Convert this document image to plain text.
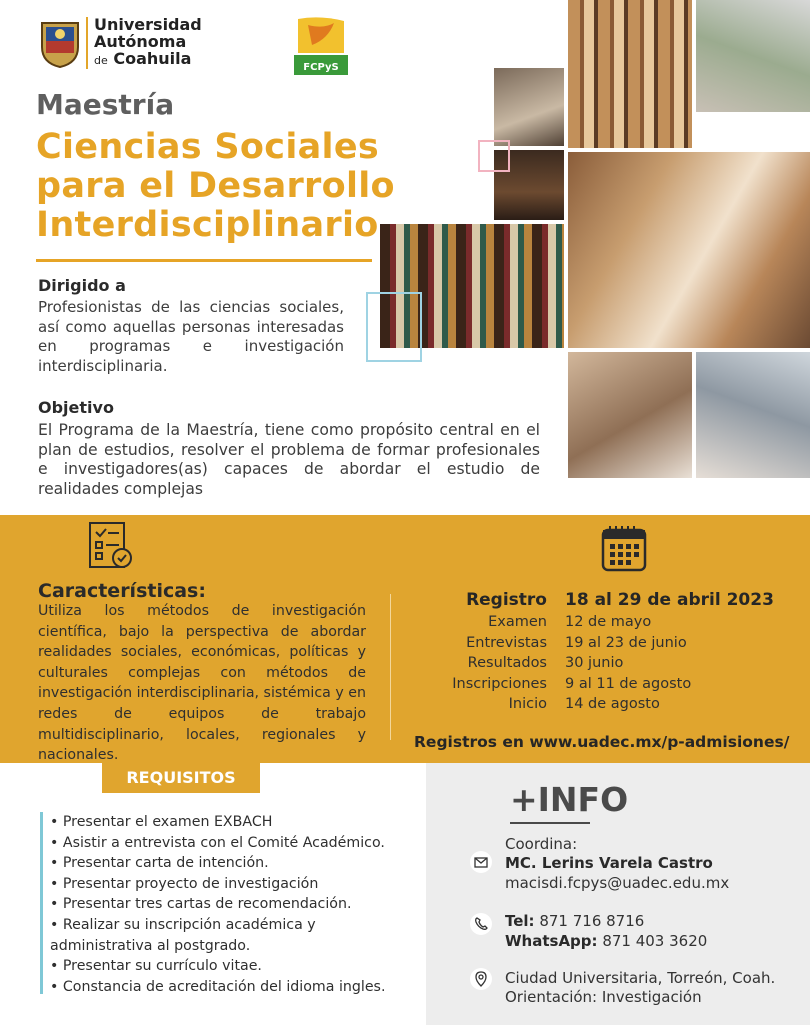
Universidad
Autónoma
de Coahuila	FCPyS
Maestría
Ciencias Sociales
para el Desarrollo
Interdisciplinario
Dirigido a
Profesionistas de las ciencias sociales, así como aquellas personas interesadas en programas e investigación interdisciplinaria.
Objetivo
El Programa de la Maestría, tiene como propósito central en el plan de estudios, resolver el problema de formar profesionales e investigadores(as) capaces de abordar el estudio de realidades complejas
Características:
Utiliza los métodos de investigación científica, bajo la perspectiva de abordar realidades sociales, económicas, políticas y culturales complejas con métodos de investigación interdisciplinaria, sistémica y en redes de equipos de trabajo multidisciplinario, locales, regionales y nacionales.
Registro	18 al 29 de abril 2023
Examen	12 de mayo
Entrevistas	19 al 23 de junio
Resultados	30 junio
Inscripciones	9 al 11 de agosto
Inicio	14 de agosto
Registros en www.uadec.mx/p-admisiones/
REQUISITOS
• Presentar el examen EXBACH
• Asistir a entrevista con el Comité Académico.
• Presentar carta de intención.
• Presentar proyecto de investigación
• Presentar tres cartas de recomendación.
• Realizar su inscripción académica y administrativa al postgrado.
• Presentar su currículo vitae.
• Constancia de acreditación del idioma ingles.
+INFO
Coordina:
MC. Lerins Varela Castro
macisdi.fcpys@uadec.edu.mx
Tel: 871 716 8716
WhatsApp: 871 403 3620
Ciudad Universitaria, Torreón, Coah.
Orientación: Investigación
